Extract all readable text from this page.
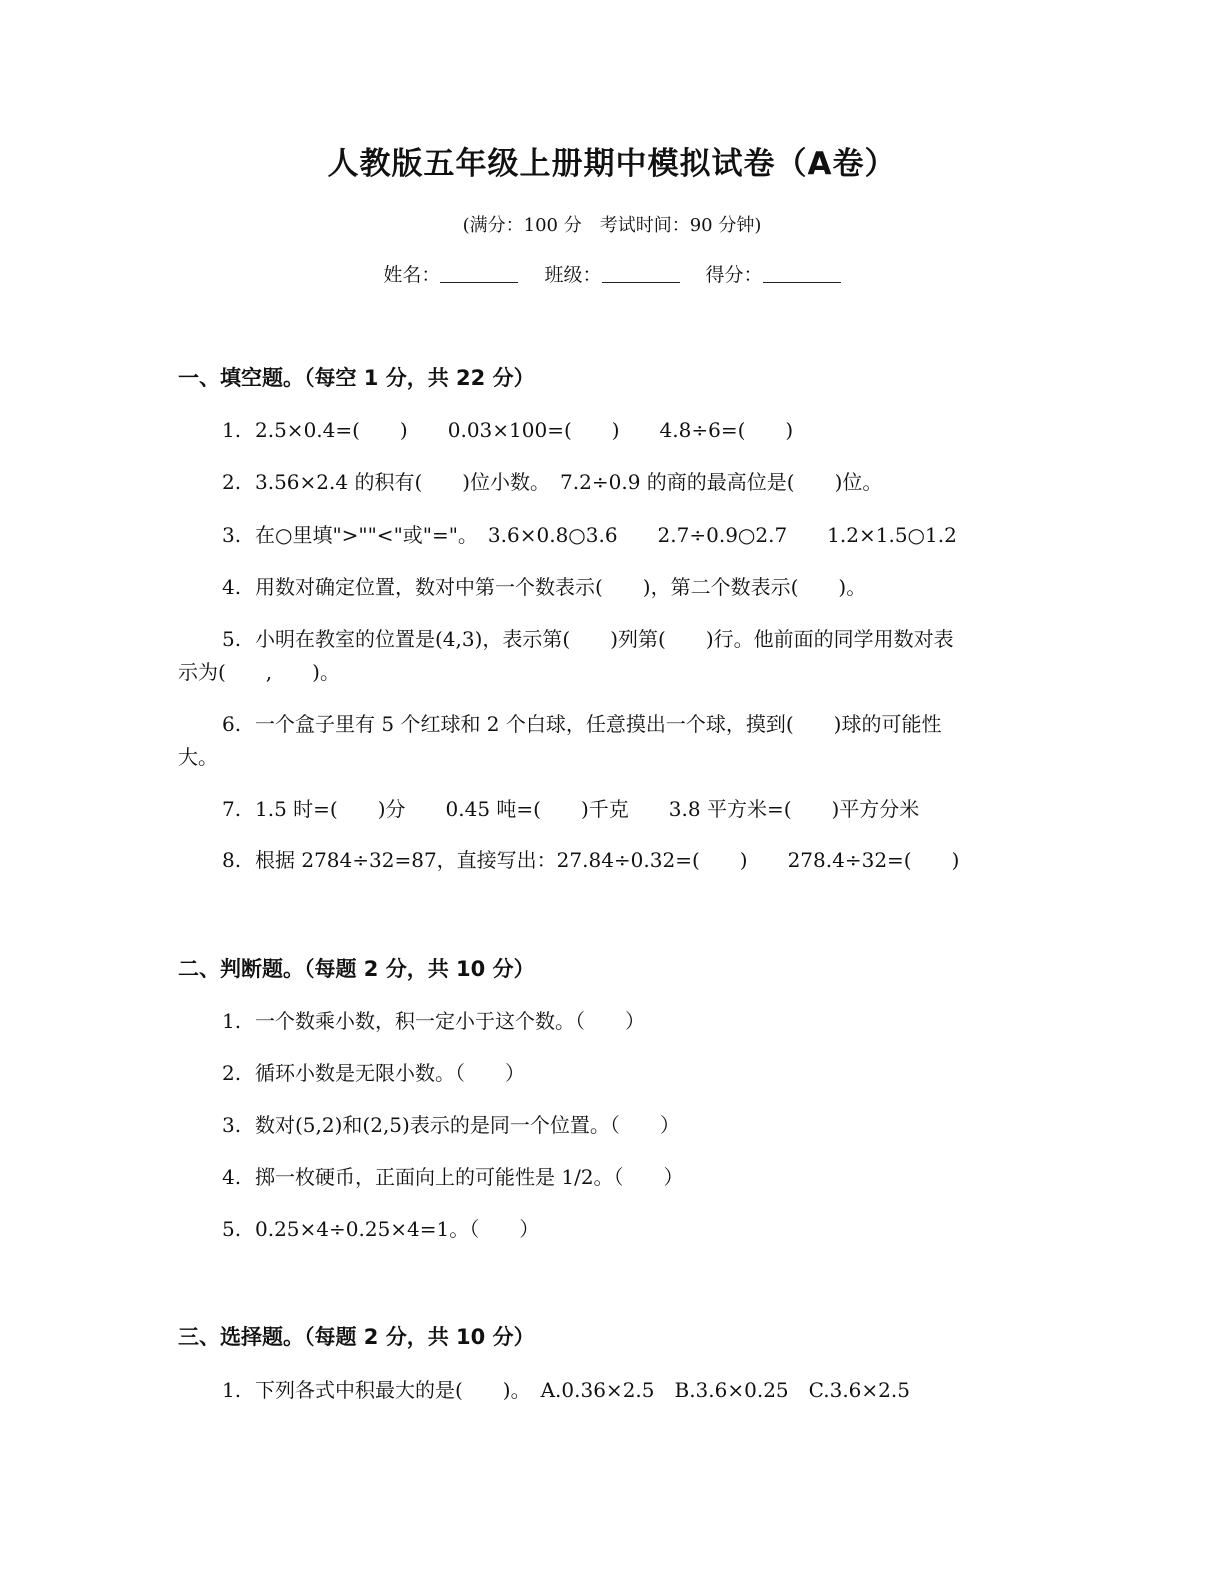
人教版五年级上册期中模拟试卷（A卷）
(满分：100 分　考试时间：90 分钟)
姓名：	班级：	得分：
一、填空题。（每空 1 分，共 22 分）
1. 2.5×0.4=(　　)　　0.03×100=(　　)　　4.8÷6=(　　)
2. 3.56×2.4 的积有(　　)位小数。　7.2÷0.9 的商的最高位是(　　)位。
3. 在○里填">""<"或"="。　3.6×0.8○3.6　　2.7÷0.9○2.7　　1.2×1.5○1.2
4. 用数对确定位置，数对中第一个数表示(　　)，第二个数表示(　　)。
5. 小明在教室的位置是(4,3)，表示第(　　)列第(　　)行。他前面的同学用数对表
示为(　　,　　)。
6. 一个盒子里有 5 个红球和 2 个白球，任意摸出一个球，摸到(　　)球的可能性
大。
7. 1.5 时=(　　)分　　0.45 吨=(　　)千克　　3.8 平方米=(　　)平方分米
8. 根据 2784÷32=87，直接写出：27.84÷0.32=(　　)　　278.4÷32=(　　)
二、判断题。（每题 2 分，共 10 分）
1. 一个数乘小数，积一定小于这个数。（　　）
2. 循环小数是无限小数。（　　）
3. 数对(5,2)和(2,5)表示的是同一个位置。（　　）
4. 掷一枚硬币，正面向上的可能性是 1/2。（　　）
5. 0.25×4÷0.25×4=1。（　　）
三、选择题。（每题 2 分，共 10 分）
1. 下列各式中积最大的是(　　)。　A.0.36×2.5　B.3.6×0.25　C.3.6×2.5
